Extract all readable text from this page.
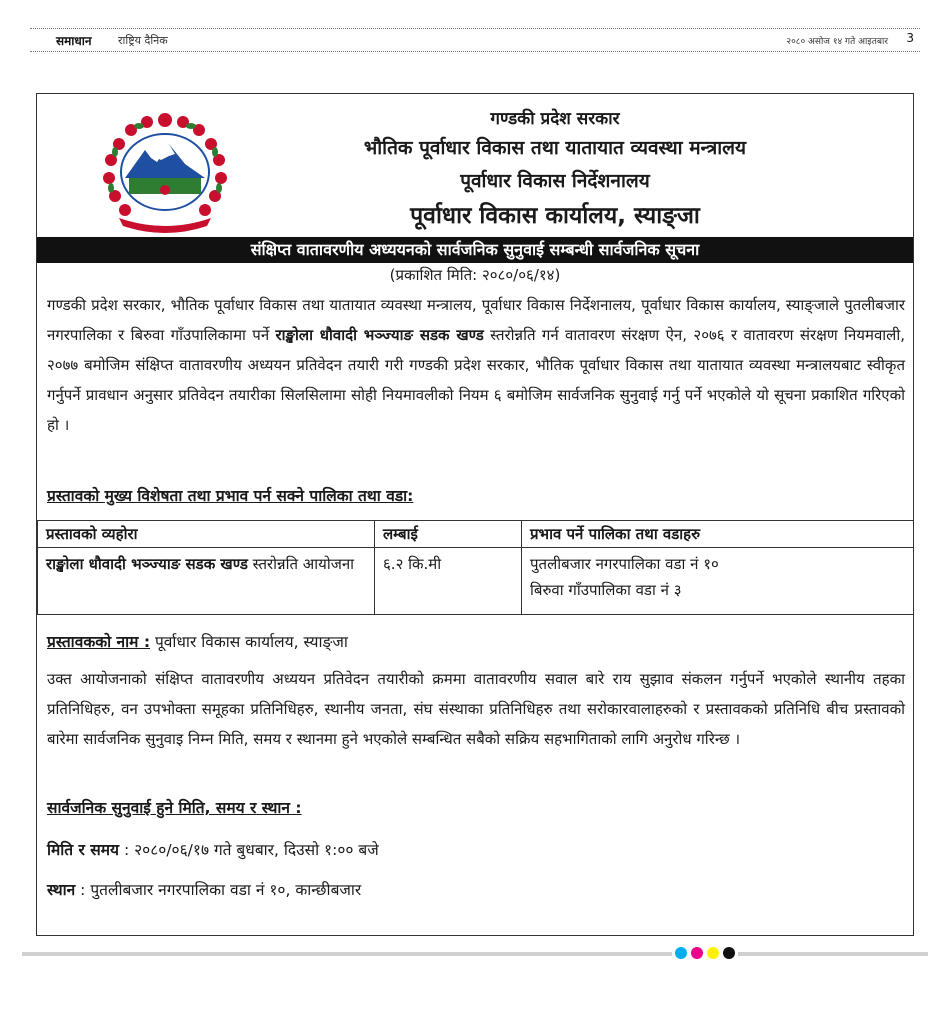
समाधान राष्ट्रिय दैनिक	२०८० असोज १४ गते आइतबार 3
गण्डकी प्रदेश सरकार
भौतिक पूर्वाधार विकास तथा यातायात व्यवस्था मन्त्रालय
पूर्वाधार विकास निर्देशनालय
पूर्वाधार विकास कार्यालय, स्याङ्जा
संक्षिप्त वातावरणीय अध्ययनको सार्वजनिक सुनुवाई सम्बन्धी सार्वजनिक सूचना
(प्रकाशित मिति: २०८०/०६/१४)

गण्डकी प्रदेश सरकार, भौतिक पूर्वाधार विकास तथा यातायात व्यवस्था मन्त्रालय, पूर्वाधार विकास निर्देशनालय, पूर्वाधार विकास कार्यालय, स्याङ्जाले पुतलीबजार नगरपालिका र बिरुवा गाँउपालिकामा पर्ने राङ्खोला धौवादी भञ्ज्याङ सडक खण्ड स्तरोन्नति गर्न वातावरण संरक्षण ऐन, २०७६ र वातावरण संरक्षण नियमवाली, २०७७ बमोजिम संक्षिप्त वातावरणीय अध्ययन प्रतिवेदन तयारी गरी गण्डकी प्रदेश सरकार, भौतिक पूर्वाधार विकास तथा यातायात व्यवस्था मन्त्रालयबाट स्वीकृत गर्नुपर्ने प्रावधान अनुसार प्रतिवेदन तयारीका सिलसिलामा सोही नियमावलीको नियम ६ बमोजिम सार्वजनिक सुनुवाई गर्नु पर्ने भएकोले यो सूचना प्रकाशित गरिएको हो ।

प्रस्तावको मुख्य विशेषता तथा प्रभाव पर्न सक्ने पालिका तथा वडा:
प्रस्तावको व्यहोरा	लम्बाई	प्रभाव पर्ने पालिका तथा वडाहरु
राङ्खोला धौवादी भञ्ज्याङ सडक खण्ड स्तरोन्नति आयोजना	६.२ कि.मी	पुतलीबजार नगरपालिका वडा नं १०
बिरुवा गाँउपालिका वडा नं ३
प्रस्तावकको नाम : पूर्वाधार विकास कार्यालय, स्याङ्जा

उक्त आयोजनाको संक्षिप्त वातावरणीय अध्ययन प्रतिवेदन तयारीको क्रममा वातावरणीय सवाल बारे राय सुझाव संकलन गर्नुपर्ने भएकोले स्थानीय तहका प्रतिनिधिहरु, वन उपभोक्ता समूहका प्रतिनिधिहरु, स्थानीय जनता, संघ संस्थाका प्रतिनिधिहरु तथा सरोकारवालाहरुको र प्रस्तावकको प्रतिनिधि बीच प्रस्तावको बारेमा सार्वजनिक सुनुवाइ निम्न मिति, समय र स्थानमा हुने भएकोले सम्बन्धित सबैको सक्रिय सहभागिताको लागि अनुरोध गरिन्छ ।

सार्वजनिक सुनुवाई हुने मिति, समय र स्थान :
मिति र समय : २०८०/०६/१७ गते बुधबार, दिउसो १:०० बजे
स्थान : पुतलीबजार नगरपालिका वडा नं १०, कान्छीबजार
